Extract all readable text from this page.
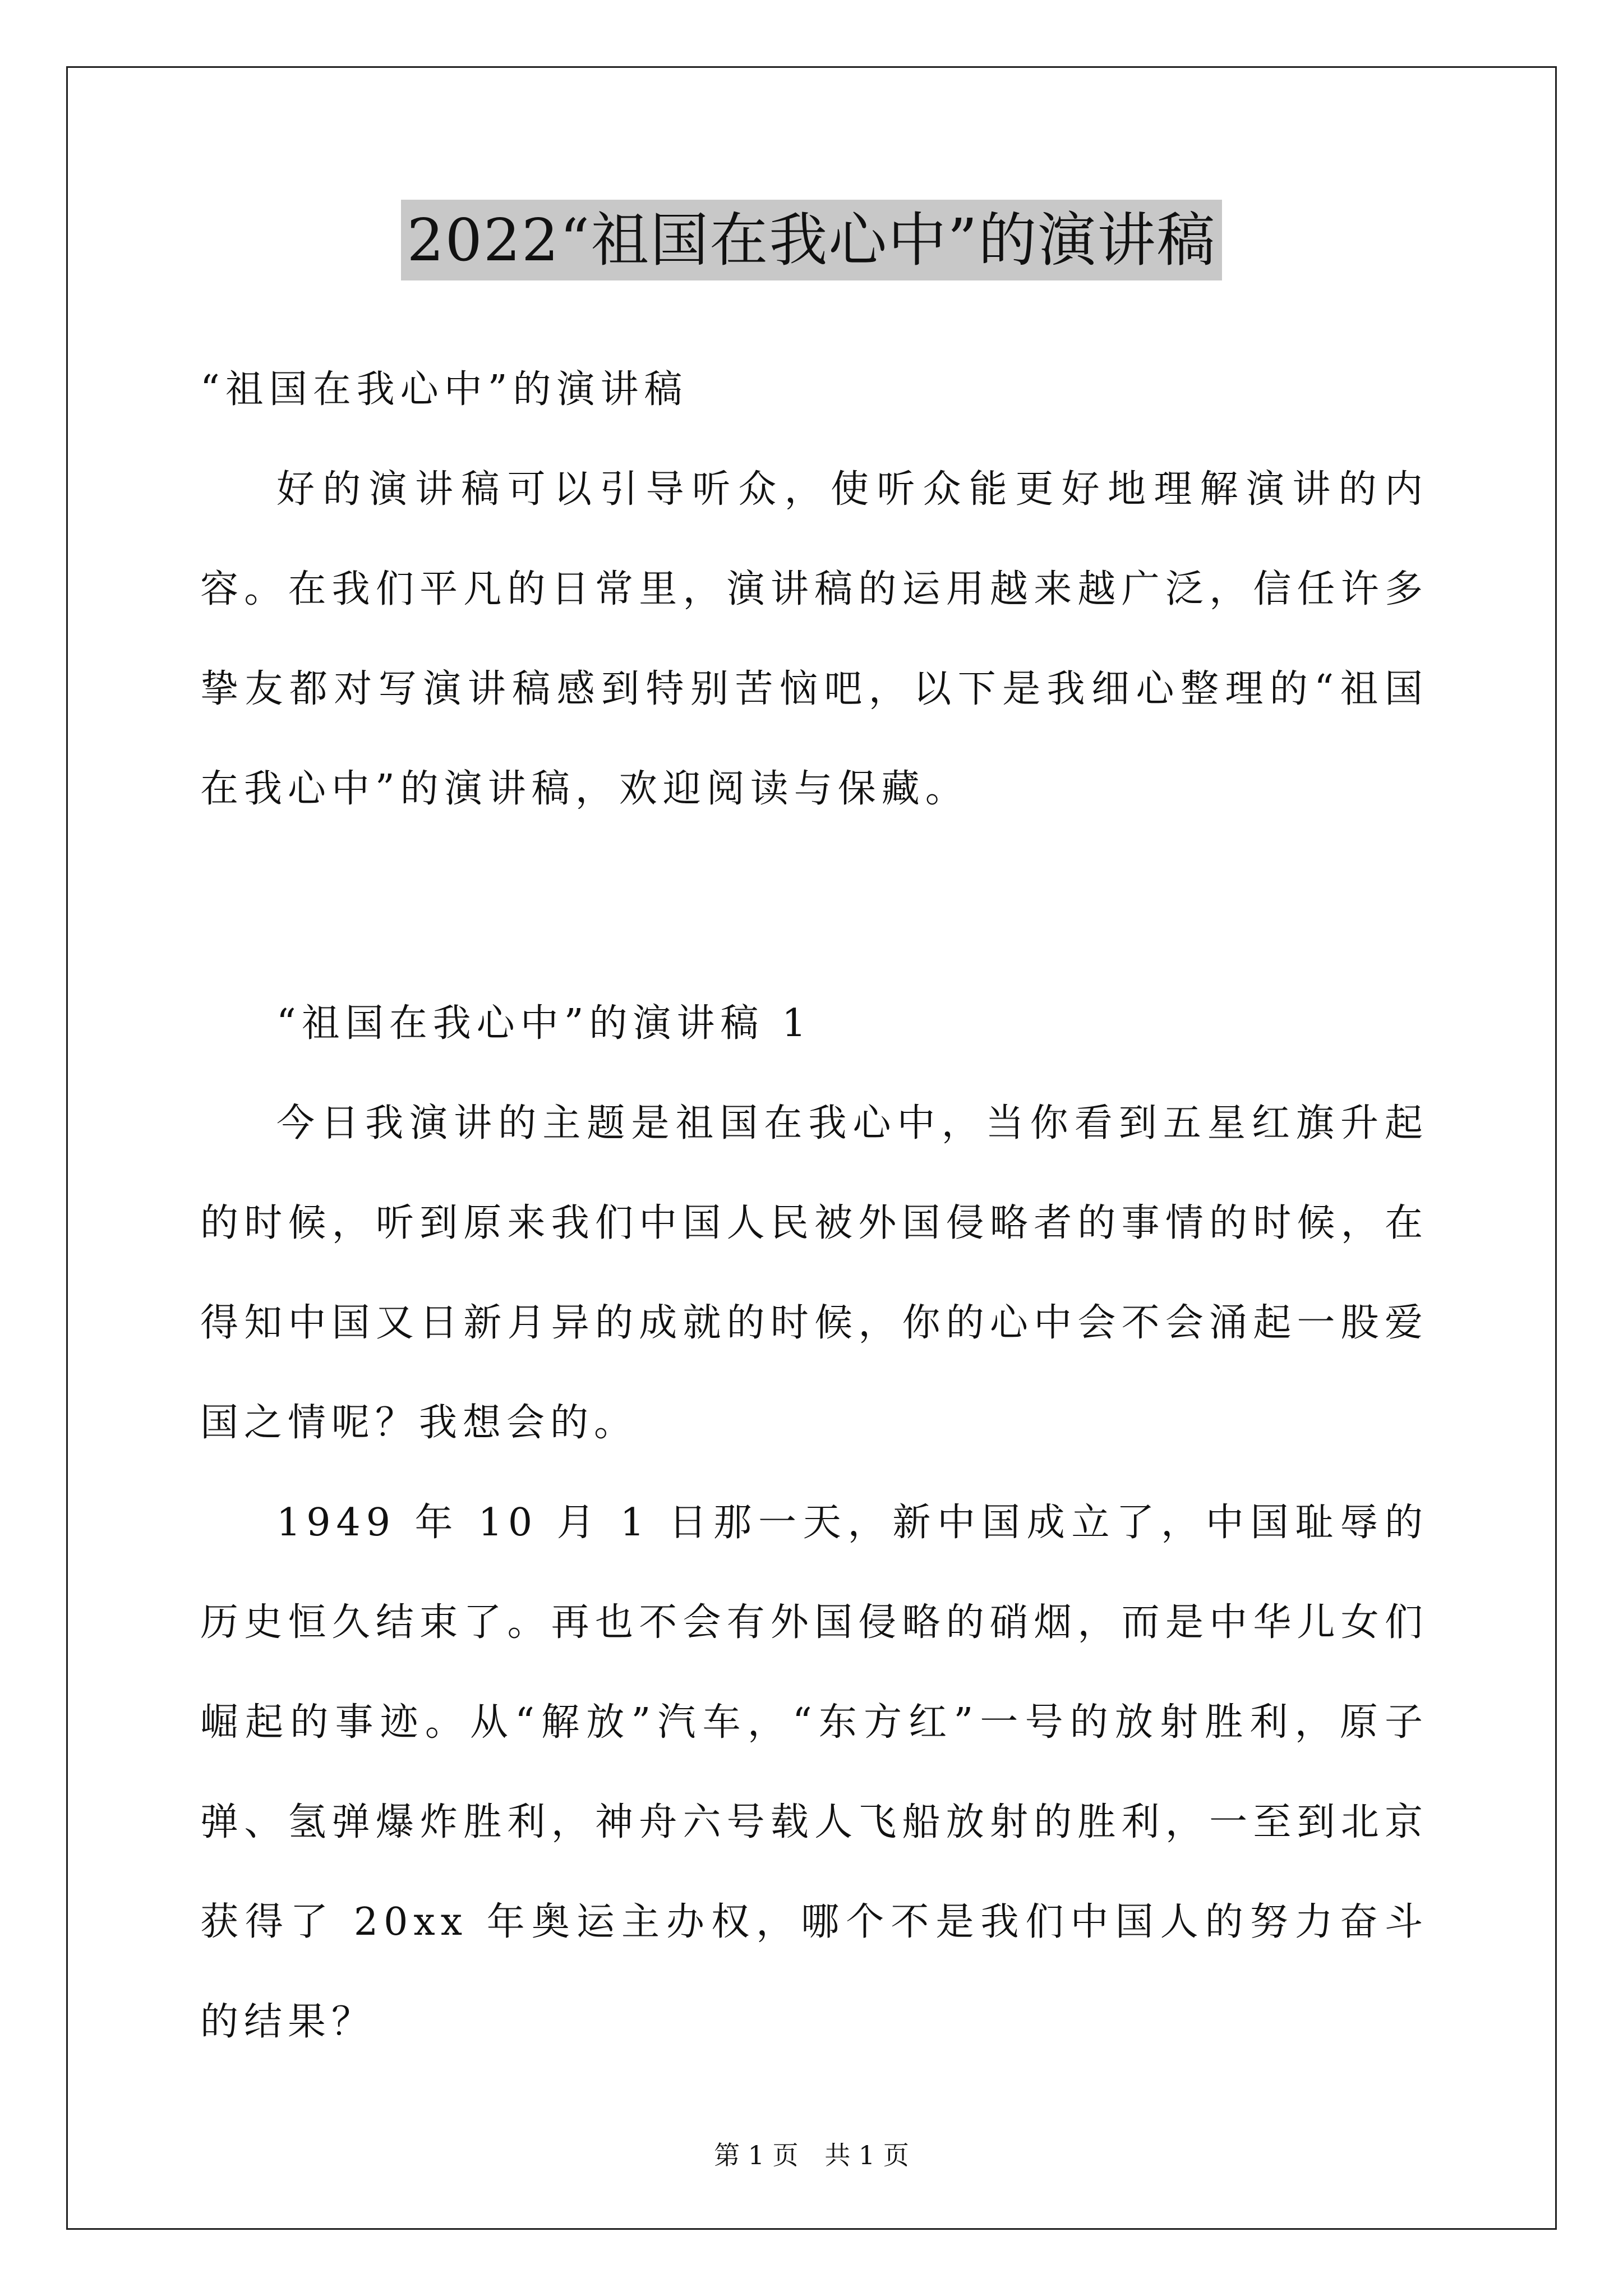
2022“祖国在我心中”的演讲稿

“祖国在我心中”的演讲稿

好的演讲稿可以引导听众，使听众能更好地理解演讲的内容。在我们平凡的日常里，演讲稿的运用越来越广泛，信任许多挚友都对写演讲稿感到特别苦恼吧，以下是我细心整理的“祖国在我心中”的演讲稿，欢迎阅读与保藏。

“祖国在我心中”的演讲稿 1

今日我演讲的主题是祖国在我心中，当你看到五星红旗升起的时候，听到原来我们中国人民被外国侵略者的事情的时候，在得知中国又日新月异的成就的时候，你的心中会不会涌起一股爱国之情呢？我想会的。

1949 年 10 月 1 日那一天，新中国成立了，中国耻辱的历史恒久结束了。再也不会有外国侵略的硝烟，而是中华儿女们崛起的事迹。从“解放”汽车，“东方红”一号的放射胜利，原子弹、氢弹爆炸胜利，神舟六号载人飞船放射的胜利，一至到北京获得了 20xx 年奥运主办权，哪个不是我们中国人的努力奋斗的结果？

第 1 页 共 1 页
